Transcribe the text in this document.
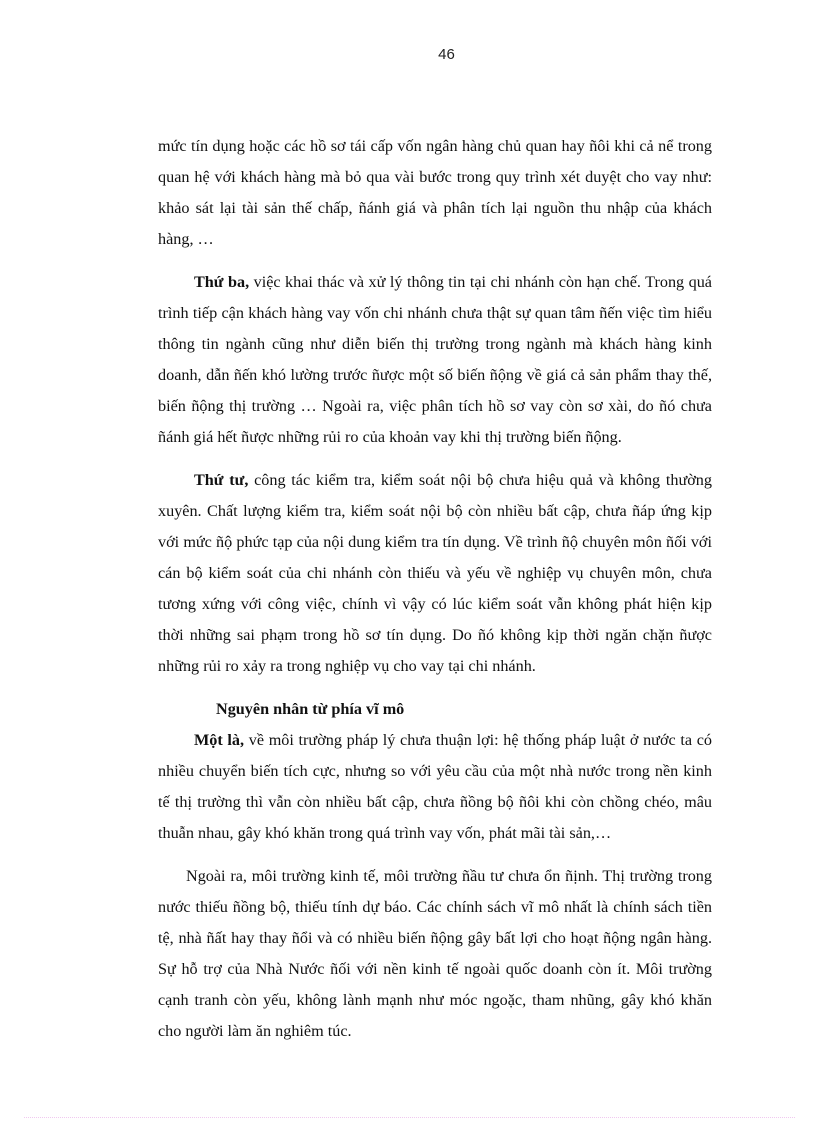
46

mức tín dụng hoặc các hồ sơ tái cấp vốn ngân hàng chủ quan hay ñôi khi cả nể trong quan hệ với khách hàng mà bỏ qua vài bước trong quy trình xét duyệt cho vay như: khảo sát lại tài sản thế chấp, ñánh giá và phân tích lại nguồn thu nhập của khách hàng, …

Thứ ba, việc khai thác và xử lý thông tin tại chi nhánh còn hạn chế. Trong quá trình tiếp cận khách hàng vay vốn chi nhánh chưa thật sự quan tâm ñến việc tìm hiểu thông tin ngành cũng như diễn biến thị trường trong ngành mà khách hàng kinh doanh, dẫn ñến khó lường trước ñược một số biến ñộng về giá cả sản phẩm thay thế, biến ñộng thị trường … Ngoài ra, việc phân tích hồ sơ vay còn sơ xài, do ñó chưa ñánh giá hết ñược những rủi ro của khoản vay khi thị trường biến ñộng.

Thứ tư, công tác kiểm tra, kiểm soát nội bộ chưa hiệu quả và không thường xuyên. Chất lượng kiểm tra, kiểm soát nội bộ còn nhiều bất cập, chưa ñáp ứng kịp với mức ñộ phức tạp của nội dung kiểm tra tín dụng. Về trình ñộ chuyên môn ñối với cán bộ kiểm soát của chi nhánh còn thiếu và yếu về nghiệp vụ chuyên môn, chưa tương xứng với công việc, chính vì vậy có lúc kiểm soát vẫn không phát hiện kịp thời những sai phạm trong hồ sơ tín dụng. Do ñó không kịp thời ngăn chặn ñược những rủi ro xảy ra trong nghiệp vụ cho vay tại chi nhánh.

Nguyên nhân từ phía vĩ mô

Một là, về môi trường pháp lý chưa thuận lợi: hệ thống pháp luật ở nước ta có nhiều chuyển biến tích cực, nhưng so với yêu cầu của một nhà nước trong nền kinh tế thị trường thì vẫn còn nhiều bất cập, chưa ñồng bộ ñôi khi còn chồng chéo, mâu thuẫn nhau, gây khó khăn trong quá trình vay vốn, phát mãi tài sản,…

Ngoài ra, môi trường kinh tế, môi trường ñầu tư chưa ổn ñịnh. Thị trường trong nước thiếu ñồng bộ, thiếu tính dự báo. Các chính sách vĩ mô nhất là chính sách tiền tệ, nhà ñất hay thay ñổi và có nhiều biến ñộng gây bất lợi cho hoạt ñộng ngân hàng. Sự hỗ trợ của Nhà Nước ñối với nền kinh tế ngoài quốc doanh còn ít. Môi trường cạnh tranh còn yếu, không lành mạnh như móc ngoặc, tham nhũng, gây khó khăn cho người làm ăn nghiêm túc.
